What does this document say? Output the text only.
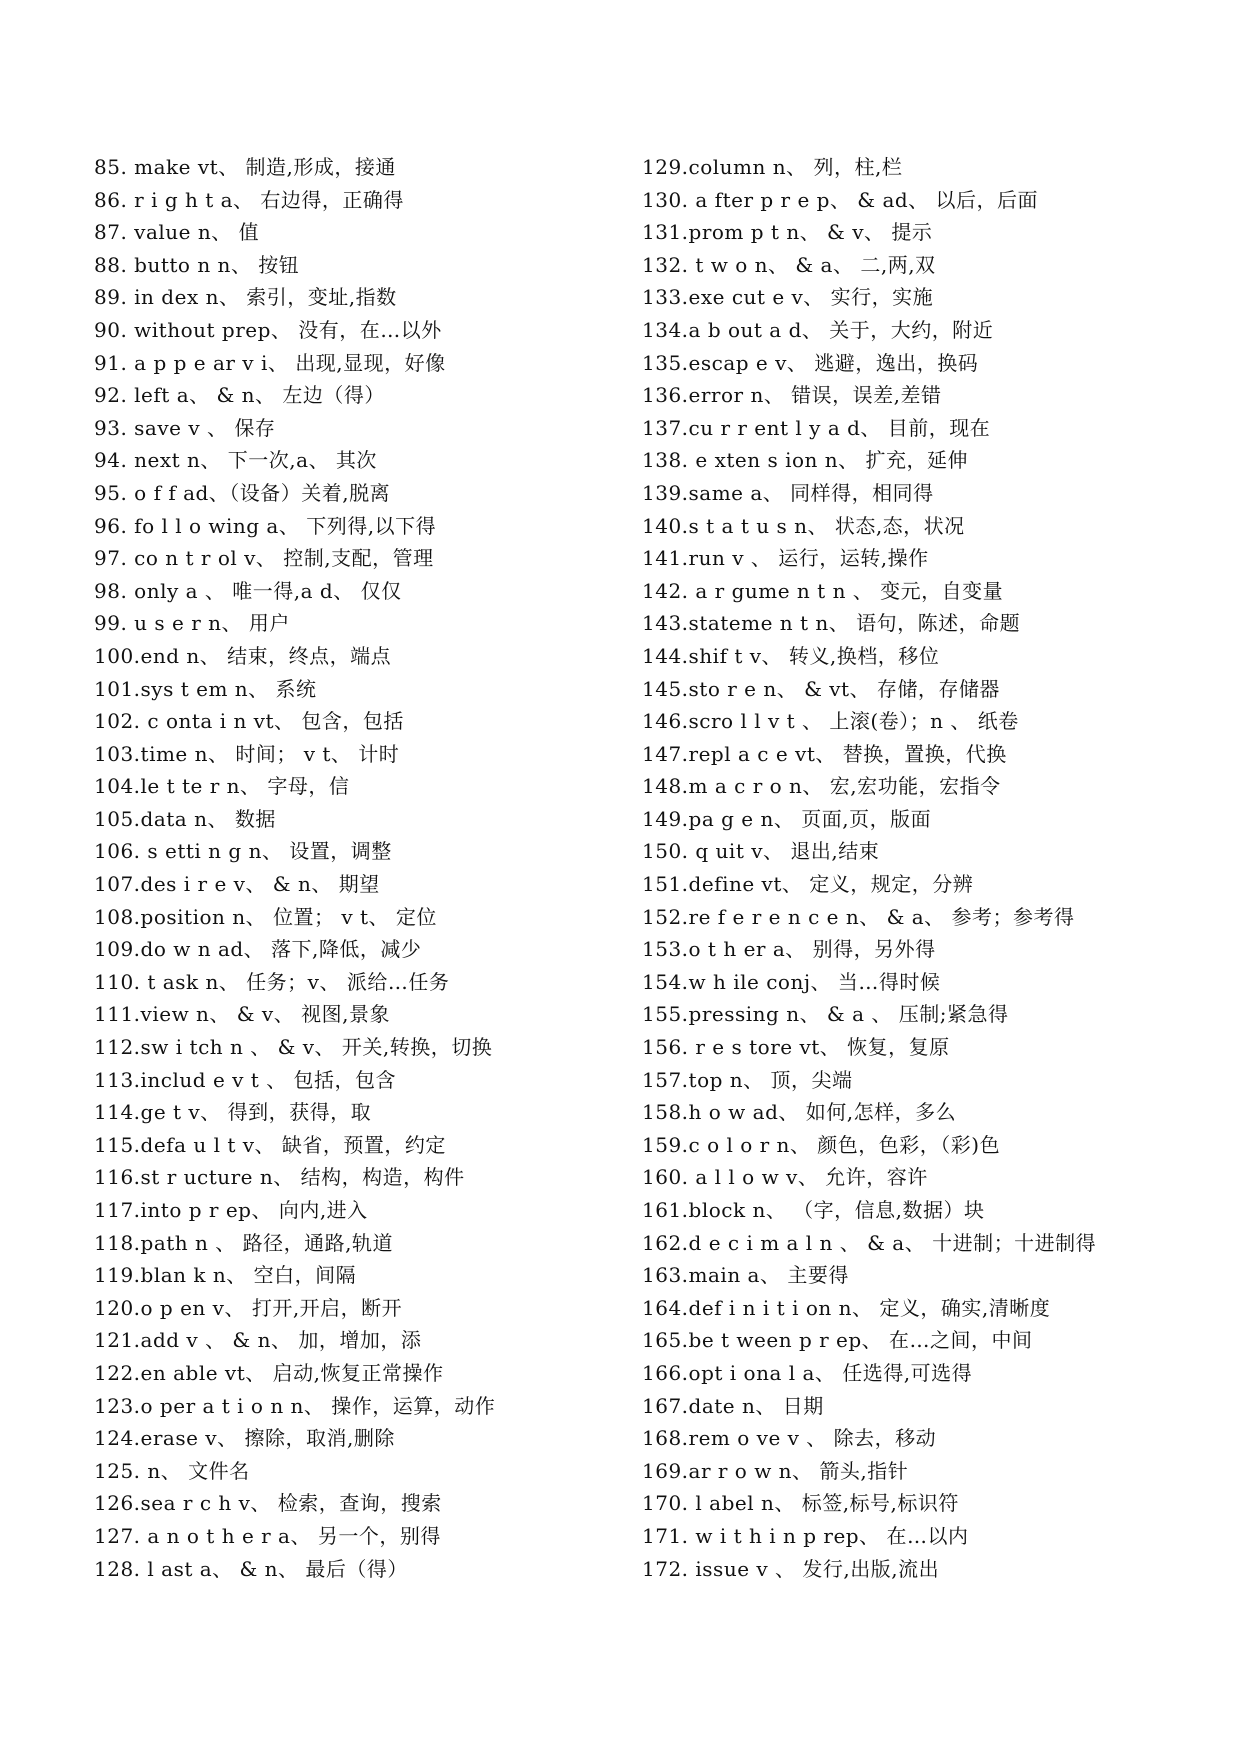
85. make vt、 制造,形成，接通
86. r i g h t a、 右边得，正确得
87. value n、 值
88. butto n n、 按钮
89. in dex n、 索引，变址,指数
90. without prep、 没有，在…以外
91. a p p e ar v i、 出现,显现，好像
92. left a、 & n、 左边（得）
93. save v 、 保存
94. next n、 下一次,a、 其次
95. o f f ad、（设备）关着,脱离
96. fo l l o wing a、 下列得,以下得
97. co n t r ol v、 控制,支配，管理
98. only a 、 唯一得,a d、 仅仅
99. u s e r n、 用户
100.end n、 结束，终点，端点
101.sys t em n、 系统
102. c onta i n vt、 包含，包括
103.time n、 时间； v t、 计时
104.le t te r n、 字母，信
105.data n、 数据
106. s etti n g n、 设置，调整
107.des i r e v、 & n、 期望
108.position n、 位置； v t、 定位
109.do w n ad、 落下,降低，减少
110. t ask n、 任务；v、 派给…任务
111.view n、 & v、 视图,景象
112.sw i tch n 、 & v、 开关,转换，切换
113.includ e v t 、 包括，包含
114.ge t v、 得到，获得，取
115.defa u l t v、 缺省，预置，约定
116.st r ucture n、 结构，构造，构件
117.into p r ep、 向内,进入
118.path n 、 路径，通路,轨道
119.blan k n、 空白，间隔
120.o p en v、 打开,开启，断开
121.add v 、 & n、 加，增加，添
122.en able vt、 启动,恢复正常操作
123.o per a t i o n n、 操作，运算，动作
124.erase v、 擦除，取消,删除
125. n、 文件名
126.sea r c h v、 检索，查询，搜索
127. a n o t h e r a、 另一个，别得
128. l ast a、 & n、 最后（得）
129.column n、 列，柱,栏
130. a fter p r e p、 & ad、 以后，后面
131.prom p t n、 & v、 提示
132. t w o n、 & a、 二,两,双
133.exe cut e v、 实行，实施
134.a b out a d、 关于，大约，附近
135.escap e v、 逃避，逸出，换码
136.error n、 错误，误差,差错
137.cu r r ent l y a d、 目前，现在
138. e xten s ion n、 扩充，延伸
139.same a、 同样得，相同得
140.s t a t u s n、 状态,态，状况
141.run v 、 运行，运转,操作
142. a r gume n t n 、 变元，自变量
143.stateme n t n、 语句，陈述，命题
144.shif t v、 转义,换档，移位
145.sto r e n、 & vt、 存储，存储器
146.scro l l v t 、 上滚(卷）；n 、 纸卷
147.repl a c e vt、 替换，置换，代换
148.m a c r o n、 宏,宏功能，宏指令
149.pa g e n、 页面,页，版面
150. q uit v、 退出,结束
151.define vt、 定义，规定，分辨
152.re f e r e n c e n、 & a、 参考；参考得
153.o t h er a、 别得，另外得
154.w h ile conj、 当…得时候
155.pressing n、 & a 、 压制;紧急得
156. r e s tore vt、 恢复，复原
157.top n、 顶，尖端
158.h o w ad、 如何,怎样，多么
159.c o l o r n、 颜色，色彩，（彩)色
160. a l l o w v、 允许，容许
161.block n、 （字，信息,数据）块
162.d e c i m a l n 、 & a、 十进制；十进制得
163.main a、 主要得
164.def i n i t i on n、 定义，确实,清晰度
165.be t ween p r ep、 在…之间，中间
166.opt i ona l a、 任选得,可选得
167.date n、 日期
168.rem o ve v 、 除去，移动
169.ar r o w n、 箭头,指针
170. l abel n、 标签,标号,标识符
171. w i t h i n p rep、 在…以内
172. issue v 、 发行,出版,流出
